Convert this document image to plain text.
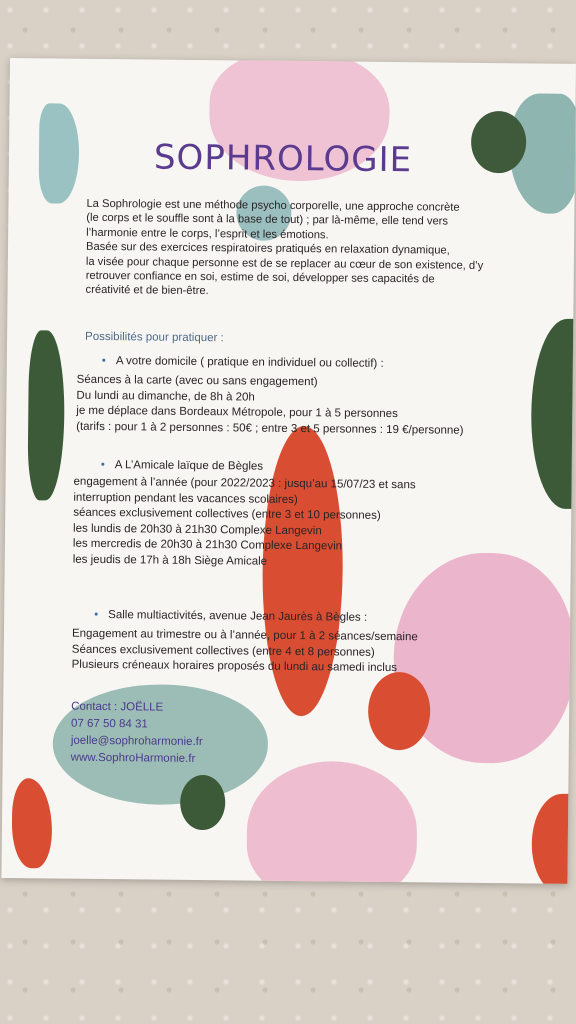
SOPHROLOGIE

La Sophrologie est une méthode psycho corporelle, une approche concrète

(le corps et le souffle sont à la base de tout) ; par là-même, elle tend vers

l’harmonie entre le corps, l’esprit et les émotions.

Basée sur des exercices respiratoires pratiqués en relaxation dynamique,

la visée pour chaque personne est de se replacer au cœur de son existence, d’y

retrouver confiance en soi, estime de soi, développer ses capacités de

créativité et de bien-être.

Possibilités pour pratiquer :
• A votre domicile ( pratique en individuel ou collectif) :
Séances à la carte (avec ou sans engagement)
Du lundi au dimanche, de 8h à 20h
je me déplace dans Bordeaux Métropole, pour 1 à 5 personnes
(tarifs : pour 1 à 2 personnes : 50€ ; entre 3 et 5 personnes : 19 €/personne)
• A L’Amicale laïque de Bègles
engagement à l’année (pour 2022/2023 : jusqu’au 15/07/23 et sans
interruption pendant les vacances scolaires)
séances exclusivement collectives (entre 3 et 10 personnes)
les lundis de 20h30 à 21h30 Complexe Langevin
les mercredis de 20h30 à 21h30 Complexe Langevin
les jeudis de 17h à 18h Siège Amicale
• Salle multiactivités, avenue Jean Jaurès à Bègles :
Engagement au trimestre ou à l’année, pour 1 à 2 séances/semaine
Séances exclusivement collectives (entre 4 et 8 personnes)
Plusieurs créneaux horaires proposés du lundi au samedi inclus
Contact : JOËLLE
07 67 50 84 31
joelle@sophroharmonie.fr
www.SophroHarmonie.fr
